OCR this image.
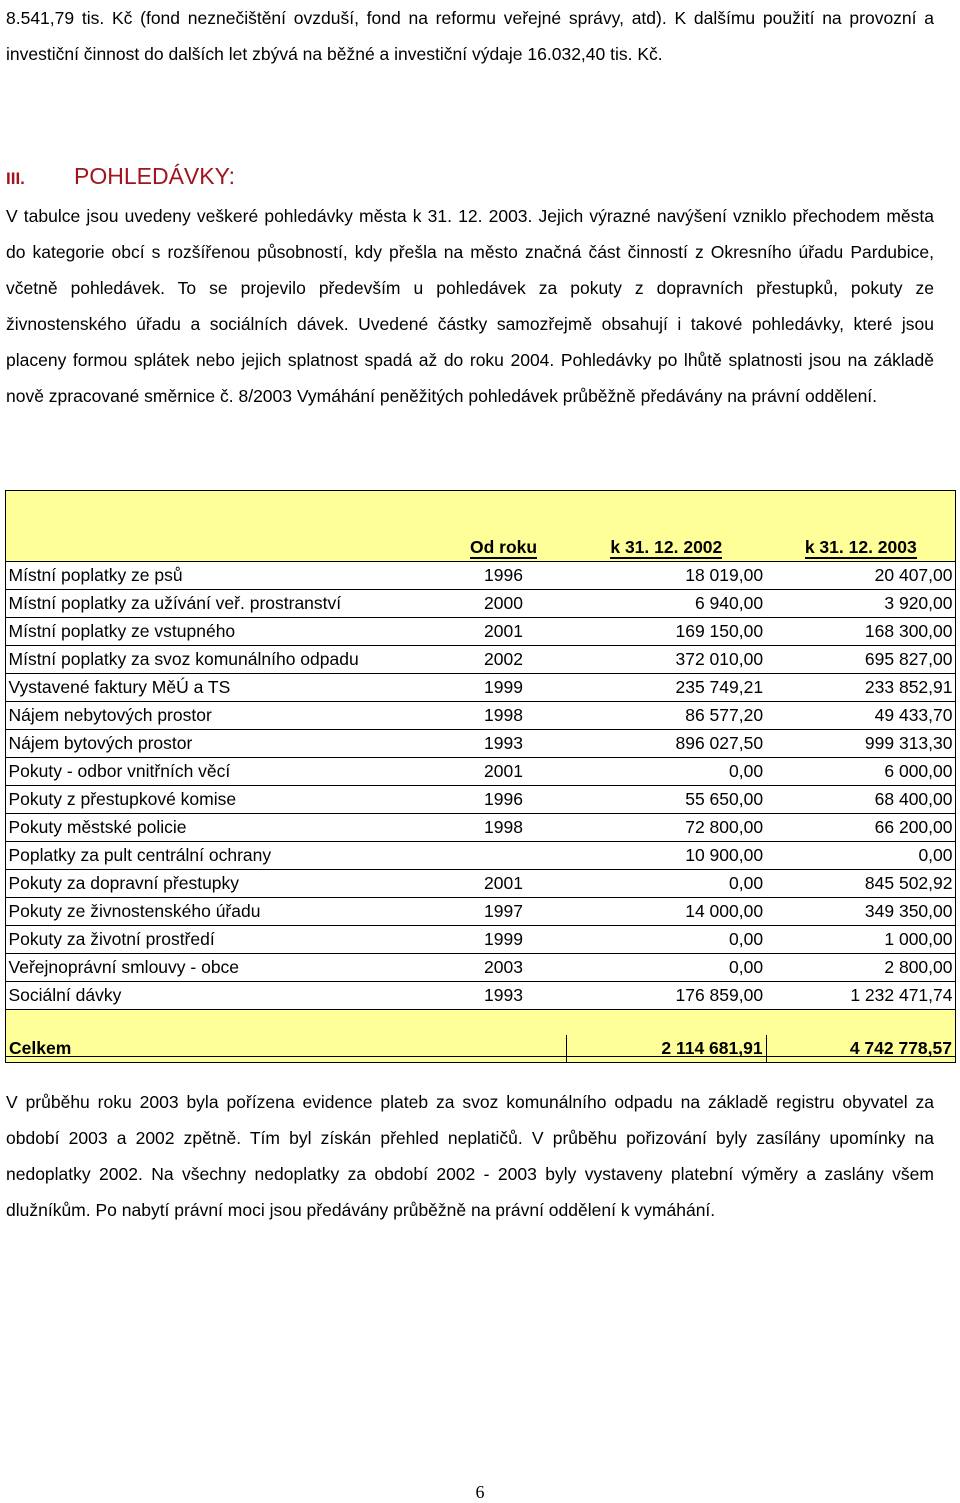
8.541,79 tis. Kč (fond neznečištění ovzduší, fond na reformu veřejné správy, atd). K dalšímu použití na provozní a investiční činnost do dalších let zbývá na běžné a investiční výdaje 16.032,40 tis. Kč.

III. POHLEDÁVKY:

V tabulce jsou uvedeny veškeré pohledávky města k 31. 12. 2003. Jejich výrazné navýšení vzniklo přechodem města do kategorie obcí s rozšířenou působností, kdy přešla na město značná část činností z Okresního úřadu Pardubice, včetně pohledávek. To se projevilo především u pohledávek za pokuty z dopravních přestupků, pokuty ze živnostenského úřadu a sociálních dávek. Uvedené částky samozřejmě obsahují i takové pohledávky, které jsou placeny formou splátek nebo jejich splatnost spadá až do roku 2004. Pohledávky po lhůtě splatnosti jsou na základě nově zpracované směrnice č. 8/2003 Vymáhání peněžitých pohledávek průběžně předávány na právní oddělení.

	Od roku	k 31. 12. 2002	k 31. 12. 2003
Místní poplatky ze psů	1996	18 019,00	20 407,00
Místní poplatky za užívání veř. prostranství	2000	6 940,00	3 920,00
Místní poplatky ze vstupného	2001	169 150,00	168 300,00
Místní poplatky za svoz komunálního odpadu	2002	372 010,00	695 827,00
Vystavené faktury MěÚ a TS	1999	235 749,21	233 852,91
Nájem nebytových prostor	1998	86 577,20	49 433,70
Nájem bytových prostor	1993	896 027,50	999 313,30
Pokuty - odbor vnitřních věcí	2001	0,00	6 000,00
Pokuty z přestupkové komise	1996	55 650,00	68 400,00
Pokuty městské policie	1998	72 800,00	66 200,00
Poplatky za pult centrální ochrany		10 900,00	0,00
Pokuty za dopravní přestupky	2001	0,00	845 502,92
Pokuty ze živnostenského úřadu	1997	14 000,00	349 350,00
Pokuty za životní prostředí	1999	0,00	1 000,00
Veřejnoprávní smlouvy - obce	2003	0,00	2 800,00
Sociální dávky	1993	176 859,00	1 232 471,74

Celkem		2 114 681,91	4 742 778,57

V průběhu roku 2003 byla pořízena evidence plateb za svoz komunálního odpadu na základě registru obyvatel za období 2003 a 2002 zpětně. Tím byl získán přehled neplatičů. V průběhu pořizování byly zasílány upomínky na nedoplatky 2002. Na všechny nedoplatky za období 2002 - 2003 byly vystaveny platební výměry a zaslány všem dlužníkům. Po nabytí právní moci jsou předávány průběžně na právní oddělení k vymáhání.

6
